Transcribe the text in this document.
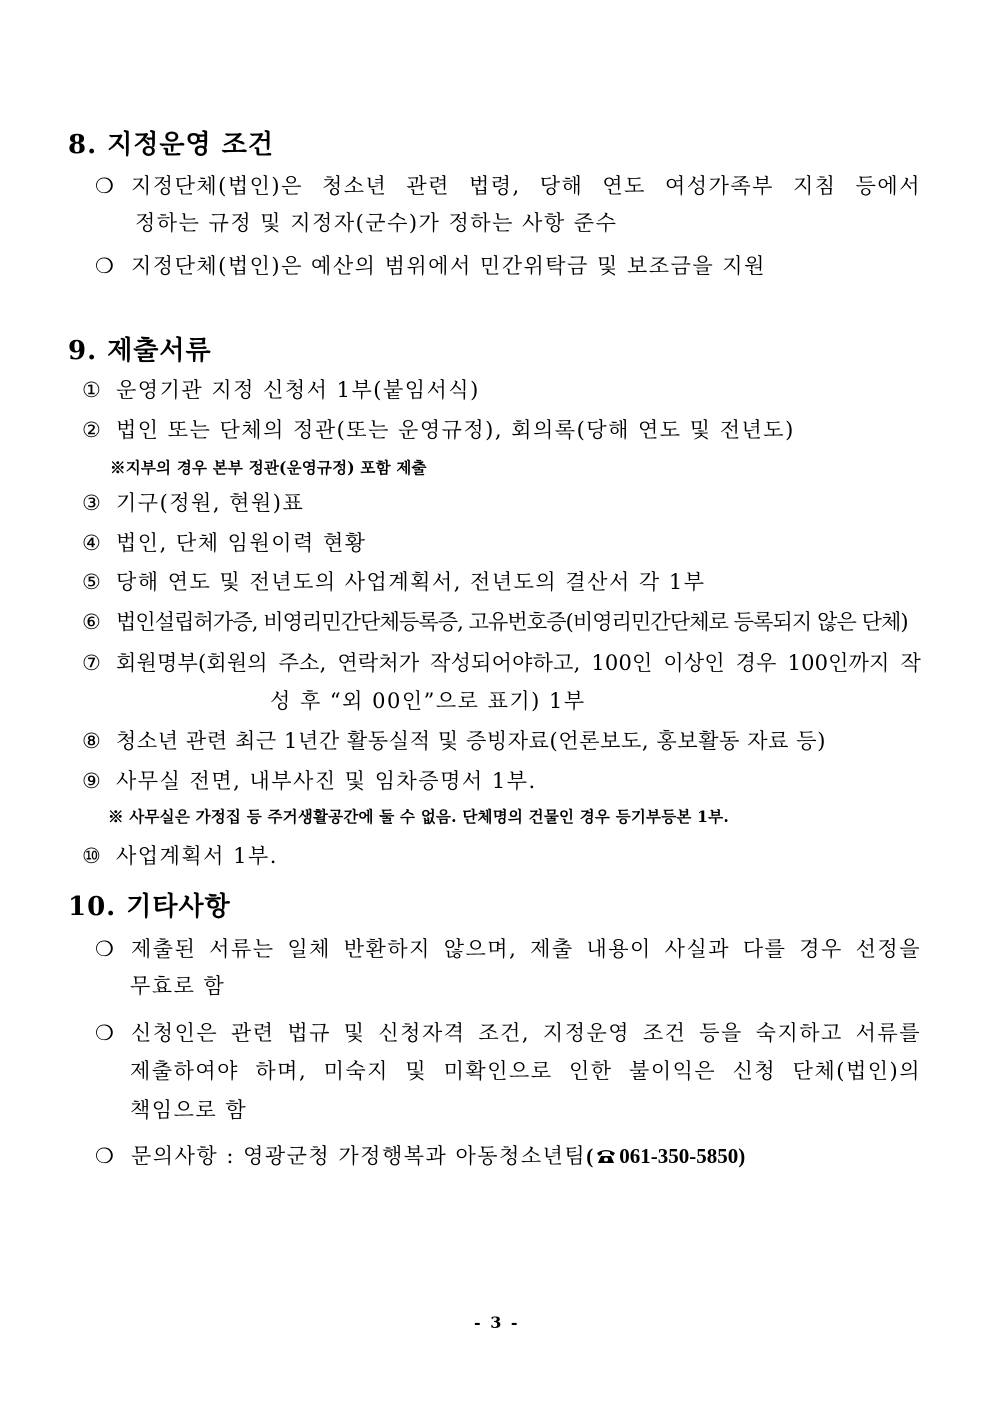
8. 지정운영 조건
❍ 지정단체(법인)은 청소년 관련 법령, 당해 연도 여성가족부 지침 등에서
정하는 규정 및 지정자(군수)가 정하는 사항 준수
❍ 지정단체(법인)은 예산의 범위에서 민간위탁금 및 보조금을 지원
9. 제출서류
① 운영기관 지정 신청서 1부(붙임서식)
② 법인 또는 단체의 정관(또는 운영규정), 회의록(당해 연도 및 전년도)
※지부의 경우 본부 정관(운영규정) 포함 제출
③ 기구(정원, 현원)표
④ 법인, 단체 임원이력 현황
⑤ 당해 연도 및 전년도의 사업계획서, 전년도의 결산서 각 1부
⑥ 법인설립허가증, 비영리민간단체등록증, 고유번호증(비영리민간단체로 등록되지 않은 단체)
⑦ 회원명부(회원의 주소, 연락처가 작성되어야하고, 100인 이상인 경우 100인까지 작
성 후 “외 00인”으로 표기) 1부
⑧ 청소년 관련 최근 1년간 활동실적 및 증빙자료(언론보도, 홍보활동 자료 등)
⑨ 사무실 전면, 내부사진 및 임차증명서 1부.
※ 사무실은 가정집 등 주거생활공간에 둘 수 없음. 단체명의 건물인 경우 등기부등본 1부.
⑩ 사업계획서 1부.
10. 기타사항
❍ 제출된 서류는 일체 반환하지 않으며, 제출 내용이 사실과 다를 경우 선정을
무효로 함
❍ 신청인은 관련 법규 및 신청자격 조건, 지정운영 조건 등을 숙지하고 서류를
제출하여야 하며, 미숙지 및 미확인으로 인한 불이익은 신청 단체(법인)의
책임으로 함
❍ 문의사항 : 영광군청 가정행복과 아동청소년팀( 061-350-5850)
- 3 -
